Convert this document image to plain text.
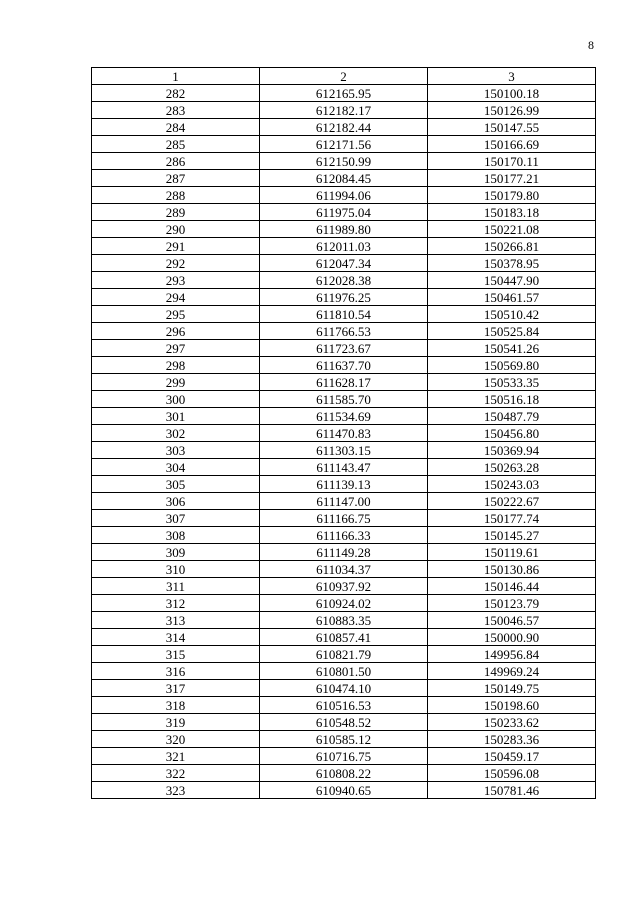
8
1	2	3
282	612165.95	150100.18
283	612182.17	150126.99
284	612182.44	150147.55
285	612171.56	150166.69
286	612150.99	150170.11
287	612084.45	150177.21
288	611994.06	150179.80
289	611975.04	150183.18
290	611989.80	150221.08
291	612011.03	150266.81
292	612047.34	150378.95
293	612028.38	150447.90
294	611976.25	150461.57
295	611810.54	150510.42
296	611766.53	150525.84
297	611723.67	150541.26
298	611637.70	150569.80
299	611628.17	150533.35
300	611585.70	150516.18
301	611534.69	150487.79
302	611470.83	150456.80
303	611303.15	150369.94
304	611143.47	150263.28
305	611139.13	150243.03
306	611147.00	150222.67
307	611166.75	150177.74
308	611166.33	150145.27
309	611149.28	150119.61
310	611034.37	150130.86
311	610937.92	150146.44
312	610924.02	150123.79
313	610883.35	150046.57
314	610857.41	150000.90
315	610821.79	149956.84
316	610801.50	149969.24
317	610474.10	150149.75
318	610516.53	150198.60
319	610548.52	150233.62
320	610585.12	150283.36
321	610716.75	150459.17
322	610808.22	150596.08
323	610940.65	150781.46
